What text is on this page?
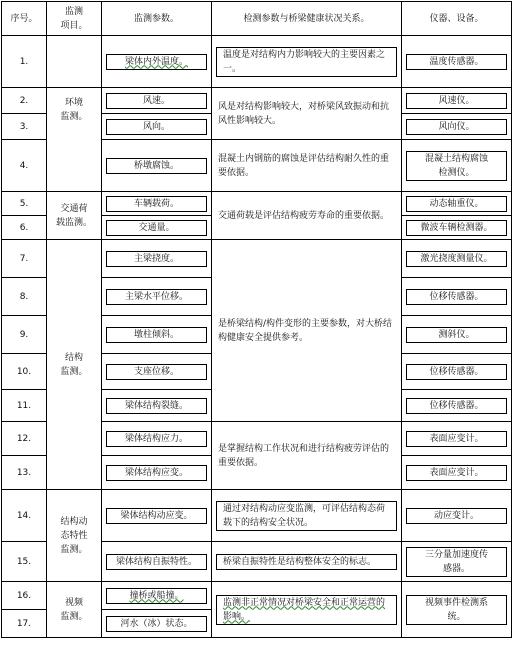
序号。	监测
项目。	监测参数。	检测参数与桥梁健康状况关系。	仪器、设备。
1.		梁体内外温度。	温度是对结构内力影响较大的主要因素之一。	温度传感器。

2.	环境
监测。	风速。	风是对结构影响较大，对桥梁风致振动和抗风性影响较大。	风速仪。

3.		风向。		风向仪。

4.		桥墩腐蚀。	混凝土内钢筋的腐蚀是评估结构耐久性的重要依据。	混凝土结构腐蚀
检测仪。

5.	交通荷
载监测。	车辆载荷。	交通荷载是评估结构疲劳寿命的重要依据。	动态轴重仪。

6.		交通量。		微波车辆检测器。

7.	结构
监测。	主梁挠度。	是桥梁结构/构件变形的主要参数，对大桥结构健康安全提供参考。	激光挠度测量仪。

8.		主梁水平位移。		位移传感器。

9.		墩柱倾斜。		测斜仪。

10.		支座位移。		位移传感器。

11.		梁体结构裂缝。		位移传感器。

12.		梁体结构应力。	是掌握结构工作状况和进行结构疲劳评估的重要依据。	表面应变计。

13.		梁体结构应变。		表面应变计。

14.	结构动
态特性
监测。	梁体结构动应变。	通过对结构动应变监测，可评估结构态荷载下的结构安全状况。	动应变计。

15.		梁体结构自振特性。	桥梁自振特性是结构整体安全的标志。	三分量加速度传
感器。

16.	视频
监测。	撞桥或船撞。	监测非正常情况对桥梁安全和正常运营的影响。	视频事件检测系
统。

17.		河水（冰）状态。		
